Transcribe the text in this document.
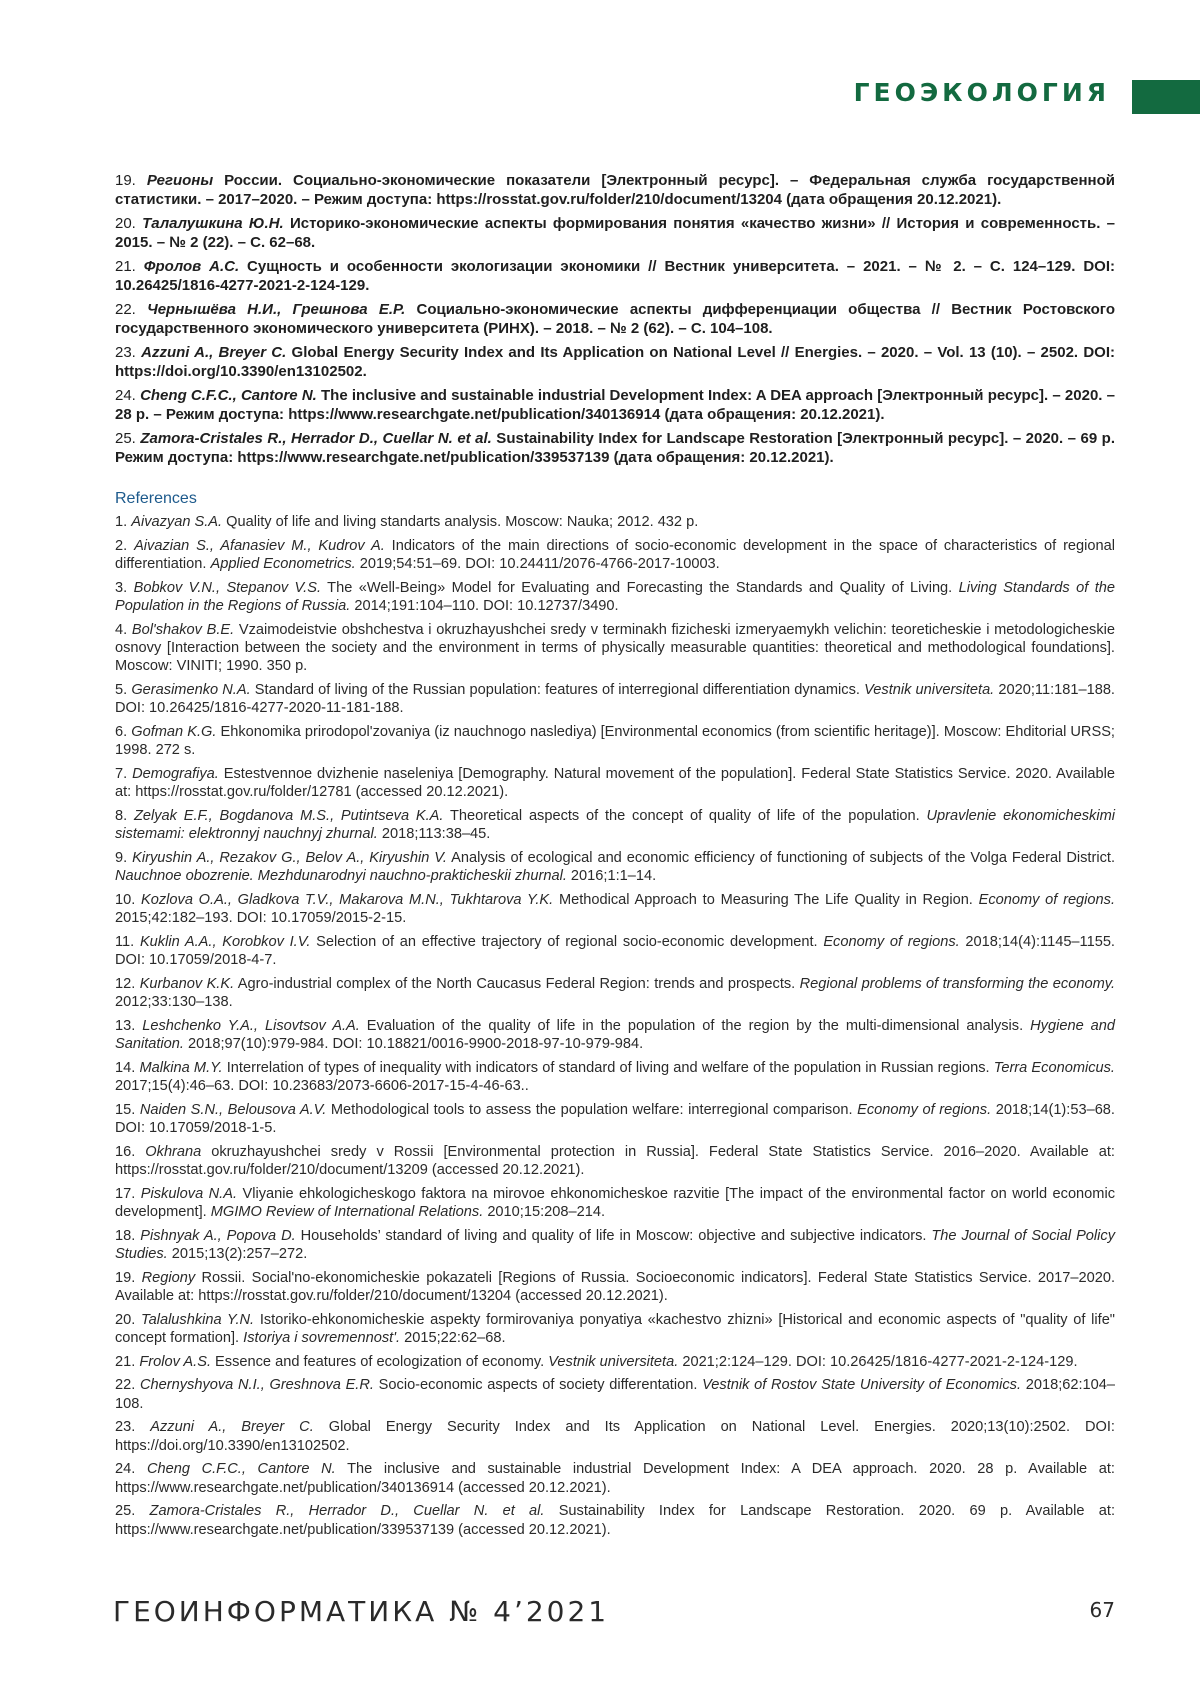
ГЕОЭКОЛОГИЯ

19. Регионы России. Социально-экономические показатели [Электронный ресурс]. – Федеральная служба государственной статистики. – 2017–2020. – Режим доступа: https://rosstat.gov.ru/folder/210/document/13204 (дата обращения 20.12.2021).

20. Талалушкина Ю.Н. Историко-экономические аспекты формирования понятия «качество жизни» // История и современность. – 2015. – № 2 (22). – С. 62–68.

21. Фролов А.С. Сущность и особенности экологизации экономики // Вестник университета. – 2021. – № 2. – С. 124–129. DOI: 10.26425/1816-4277-2021-2-124-129.

22. Чернышёва Н.И., Грешнова Е.Р. Социально-экономические аспекты дифференциации общества // Вестник Ростовского государственного экономического университета (РИНХ). – 2018. – № 2 (62). – С. 104–108.

23. Azzuni A., Breyer C. Global Energy Security Index and Its Application on National Level // Energies. – 2020. – Vol. 13 (10). – 2502. DOI: https://doi.org/10.3390/en13102502.

24. Cheng C.F.C., Cantore N. The inclusive and sustainable industrial Development Index: A DEA approach [Электронный ресурс]. – 2020. – 28 p. – Режим доступа: https://www.researchgate.net/publication/340136914 (дата обращения: 20.12.2021).

25. Zamora-Cristales R., Herrador D., Cuellar N. et al. Sustainability Index for Landscape Restoration [Электронный ресурс]. – 2020. – 69 p. Режим доступа: https://www.researchgate.net/publication/339537139 (дата обращения: 20.12.2021).

References

1. Aivazyan S.A. Quality of life and living standarts analysis. Moscow: Nauka; 2012. 432 p.

2. Aivazian S., Afanasiev M., Kudrov A. Indicators of the main directions of socio-economic development in the space of characteristics of regional differentiation. Applied Econometrics. 2019;54:51–69. DOI: 10.24411/2076-4766-2017-10003.

3. Bobkov V.N., Stepanov V.S. The «Well-Being» Model for Evaluating and Forecasting the Standards and Quality of Living. Living Standards of the Population in the Regions of Russia. 2014;191:104–110. DOI: 10.12737/3490.

4. Bol'shakov B.E. Vzaimodeistvie obshchestva i okruzhayushchei sredy v terminakh fizicheski izmeryaemykh velichin: teoreticheskie i metodologicheskie osnovy [Interaction between the society and the environment in terms of physically measurable quantities: theoretical and methodological foundations]. Moscow: VINITI; 1990. 350 p.

5. Gerasimenko N.A. Standard of living of the Russian population: features of interregional differentiation dynamics. Vestnik universiteta. 2020;11:181–188. DOI: 10.26425/1816-4277-2020-11-181-188.

6. Gofman K.G. Ehkonomika prirodopol'zovaniya (iz nauchnogo naslediya) [Environmental economics (from scientific heritage)]. Moscow: Ehditorial URSS; 1998. 272 s.

7. Demografiya. Estestvennoe dvizhenie naseleniya [Demography. Natural movement of the population]. Federal State Statistics Service. 2020. Available at: https://rosstat.gov.ru/folder/12781 (accessed 20.12.2021).

8. Zelyak E.F., Bogdanova M.S., Putintseva K.A. Theoretical aspects of the concept of quality of life of the population. Upravlenie ekonomicheskimi sistemami: elektronnyj nauchnyj zhurnal. 2018;113:38–45.

9. Kiryushin A., Rezakov G., Belov A., Kiryushin V. Analysis of ecological and economic efficiency of functioning of subjects of the Volga Federal District. Nauchnoe obozrenie. Mezhdunarodnyi nauchno-prakticheskii zhurnal. 2016;1:1–14.

10. Kozlova O.A., Gladkova T.V., Makarova M.N., Tukhtarova Y.K. Methodical Approach to Measuring The Life Quality in Region. Economy of regions. 2015;42:182–193. DOI: 10.17059/2015-2-15.

11. Kuklin A.A., Korobkov I.V. Selection of an effective trajectory of regional socio-economic development. Economy of regions. 2018;14(4):1145–1155. DOI: 10.17059/2018-4-7.

12. Kurbanov K.K. Agro-industrial complex of the North Caucasus Federal Region: trends and prospects. Regional problems of transforming the economy. 2012;33:130–138.

13. Leshchenko Y.A., Lisovtsov A.A. Evaluation of the quality of life in the population of the region by the multi-dimensional analysis. Hygiene and Sanitation. 2018;97(10):979-984. DOI: 10.18821/0016-9900-2018-97-10-979-984.

14. Malkina M.Y. Interrelation of types of inequality with indicators of standard of living and welfare of the population in Russian regions. Terra Economicus. 2017;15(4):46–63. DOI: 10.23683/2073-6606-2017-15-4-46-63..

15. Naiden S.N., Belousova A.V. Methodological tools to assess the population welfare: interregional comparison. Economy of regions. 2018;14(1):53–68. DOI: 10.17059/2018-1-5.

16. Okhrana okruzhayushchei sredy v Rossii [Environmental protection in Russia]. Federal State Statistics Service. 2016–2020. Available at: https://rosstat.gov.ru/folder/210/document/13209 (accessed 20.12.2021).

17. Piskulova N.A. Vliyanie ehkologicheskogo faktora na mirovoe ehkonomicheskoe razvitie [The impact of the environmental factor on world economic development]. MGIMO Review of International Relations. 2010;15:208–214.

18. Pishnyak A., Popova D. Households’ standard of living and quality of life in Moscow: objective and subjective indicators. The Journal of Social Policy Studies. 2015;13(2):257–272.

19. Regiony Rossii. Social'no-ekonomicheskie pokazateli [Regions of Russia. Socioeconomic indicators]. Federal State Statistics Service. 2017–2020. Available at: https://rosstat.gov.ru/folder/210/document/13204 (accessed 20.12.2021).

20. Talalushkina Y.N. Istoriko-ehkonomicheskie aspekty formirovaniya ponyatiya «kachestvo zhizni» [Historical and economic aspects of "quality of life" concept formation]. Istoriya i sovremennost'. 2015;22:62–68.

21. Frolov A.S. Essence and features of ecologization of economy. Vestnik universiteta. 2021;2:124–129. DOI: 10.26425/1816-4277-2021-2-124-129.

22. Chernyshyova N.I., Greshnova E.R. Socio-economic aspects of society differentation. Vestnik of Rostov State University of Economics. 2018;62:104–108.

23. Azzuni A., Breyer C. Global Energy Security Index and Its Application on National Level. Energies. 2020;13(10):2502. DOI: https://doi.org/10.3390/en13102502.

24. Cheng C.F.C., Cantore N. The inclusive and sustainable industrial Development Index: A DEA approach. 2020. 28 p. Available at: https://www.researchgate.net/publication/340136914 (accessed 20.12.2021).

25. Zamora-Cristales R., Herrador D., Cuellar N. et al. Sustainability Index for Landscape Restoration. 2020. 69 p. Available at: https://www.researchgate.net/publication/339537139 (accessed 20.12.2021).

ГЕОИНФОРМАТИКА № 4’2021	67
